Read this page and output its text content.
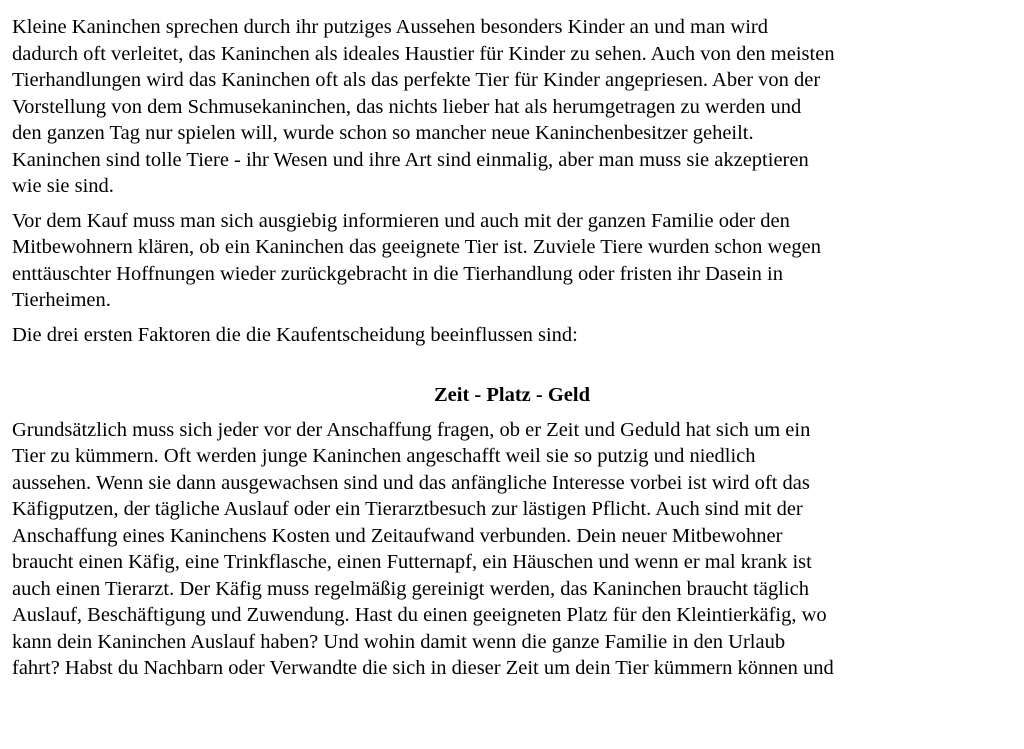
Kleine Kaninchen sprechen durch ihr putziges Aussehen besonders Kinder an und man wird
dadurch oft verleitet, das Kaninchen als ideales Haustier für Kinder zu sehen. Auch von den meisten
Tierhandlungen wird das Kaninchen oft als das perfekte Tier für Kinder angepriesen. Aber von der
Vorstellung von dem Schmusekaninchen, das nichts lieber hat als herumgetragen zu werden und
den ganzen Tag nur spielen will, wurde schon so mancher neue Kaninchenbesitzer geheilt.
Kaninchen sind tolle Tiere - ihr Wesen und ihre Art sind einmalig, aber man muss sie akzeptieren
wie sie sind.

Vor dem Kauf muss man sich ausgiebig informieren und auch mit der ganzen Familie oder den
Mitbewohnern klären, ob ein Kaninchen das geeignete Tier ist. Zuviele Tiere wurden schon wegen
enttäuschter Hoffnungen wieder zurückgebracht in die Tierhandlung oder fristen ihr Dasein in
Tierheimen.

Die drei ersten Faktoren die die Kaufentscheidung beeinflussen sind:

Zeit - Platz - Geld

Grundsätzlich muss sich jeder vor der Anschaffung fragen, ob er Zeit und Geduld hat sich um ein
Tier zu kümmern. Oft werden junge Kaninchen angeschafft weil sie so putzig und niedlich
aussehen. Wenn sie dann ausgewachsen sind und das anfängliche Interesse vorbei ist wird oft das
Käfigputzen, der tägliche Auslauf oder ein Tierarztbesuch zur lästigen Pflicht. Auch sind mit der
Anschaffung eines Kaninchens Kosten und Zeitaufwand verbunden. Dein neuer Mitbewohner
braucht einen Käfig, eine Trinkflasche, einen Futternapf, ein Häuschen und wenn er mal krank ist
auch einen Tierarzt. Der Käfig muss regelmäßig gereinigt werden, das Kaninchen braucht täglich
Auslauf, Beschäftigung und Zuwendung. Hast du einen geeigneten Platz für den Kleintierkäfig, wo
kann dein Kaninchen Auslauf haben? Und wohin damit wenn die ganze Familie in den Urlaub
fahrt? Habst du Nachbarn oder Verwandte die sich in dieser Zeit um dein Tier kümmern können und
